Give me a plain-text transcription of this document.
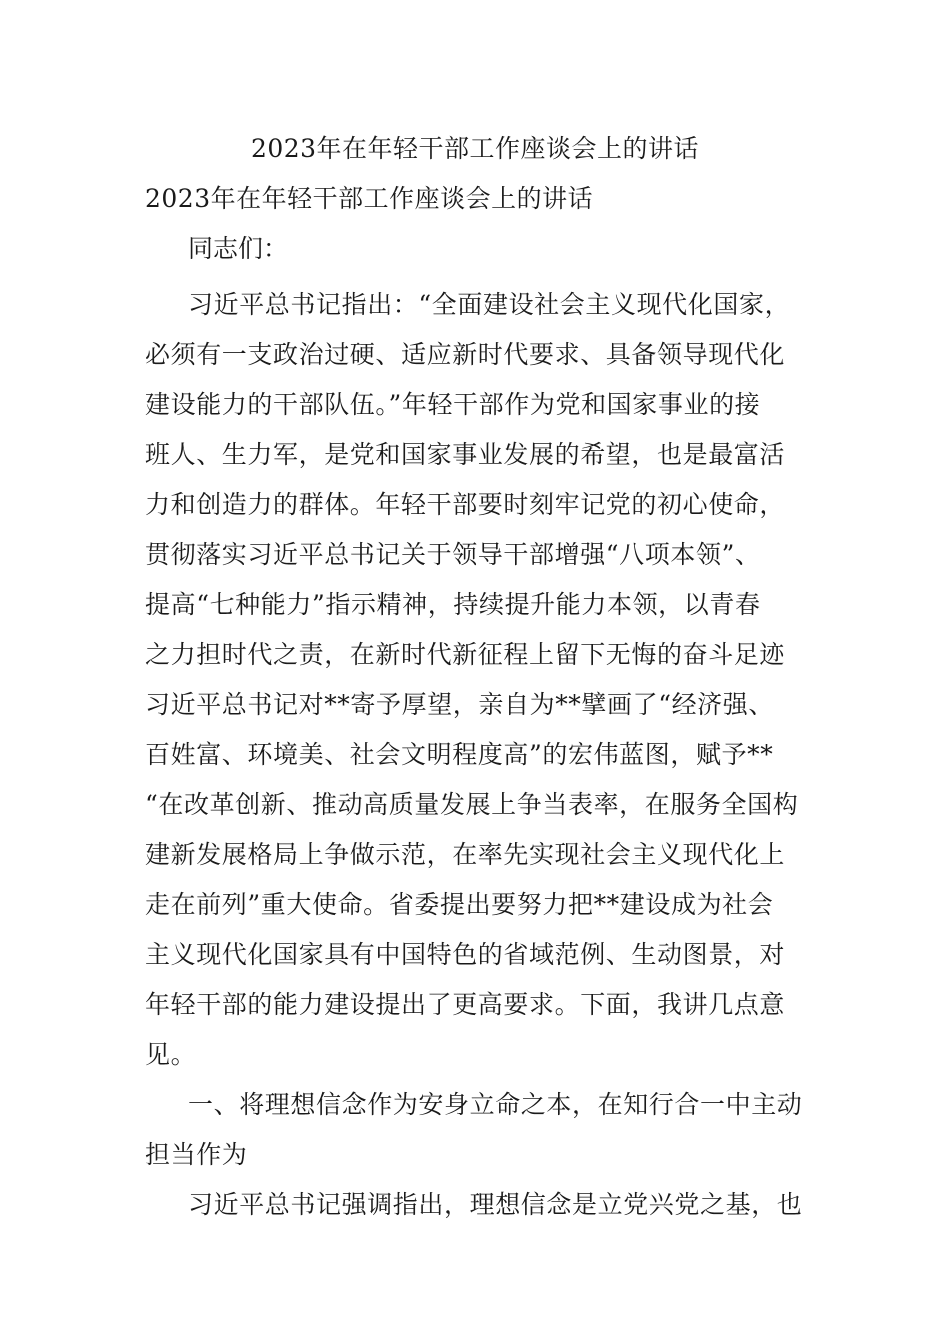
2023年在年轻干部工作座谈会上的讲话
2023年在年轻干部工作座谈会上的讲话

同志们：

习近平总书记指出：“全面建设社会主义现代化国家，
必须有一支政治过硬、适应新时代要求、具备领导现代化
建设能力的干部队伍。”年轻干部作为党和国家事业的接
班人、生力军，是党和国家事业发展的希望，也是最富活
力和创造力的群体。年轻干部要时刻牢记党的初心使命，
贯彻落实习近平总书记关于领导干部增强“八项本领”、
提高“七种能力”指示精神，持续提升能力本领，以青春
之力担时代之责，在新时代新征程上留下无悔的奋斗足迹
习近平总书记对**寄予厚望，亲自为**擘画了“经济强、
百姓富、环境美、社会文明程度高”的宏伟蓝图，赋予**
“在改革创新、推动高质量发展上争当表率，在服务全国构
建新发展格局上争做示范，在率先实现社会主义现代化上
走在前列”重大使命。省委提出要努力把**建设成为社会
主义现代化国家具有中国特色的省域范例、生动图景，对
年轻干部的能力建设提出了更高要求。下面，我讲几点意
见。
一、将理想信念作为安身立命之本，在知行合一中主动
担当作为
习近平总书记强调指出，理想信念是立党兴党之基，也
